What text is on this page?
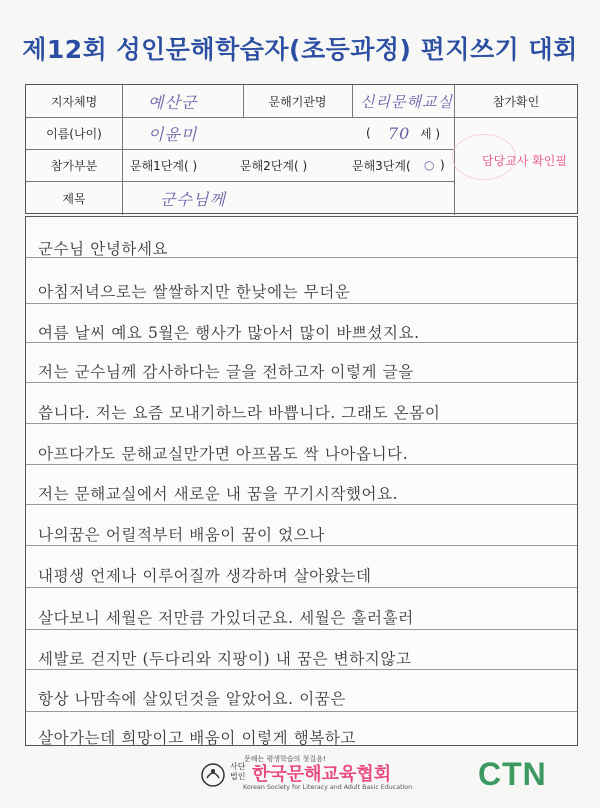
제12회 성인문해학습자(초등과정) 편지쓰기 대회
지자체명	예산군	문해기관명	신리문해교실	참가확인
이름(나이)	이윤미	(	70 세 )
참가부분	문해1단계( )	문해2단계( )	문해3단계(	○ )
제목	군수님께
담당교사 확인필
군수님 안녕하세요
아침저녁으로는 쌀쌀하지만 한낮에는 무더운
여름 날씨 예요 5월은 행사가 많아서 많이 바쁘셨지요.
저는 군수님께 감사하다는 글을 전하고자 이렇게 글을
씁니다. 저는 요즘 모내기하느라 바쁩니다. 그래도 온몸이
아프다가도 문해교실만가면 아프몸도 싹 나아옵니다.
저는 문해교실에서 새로운 내 꿈을 꾸기시작했어요.
나의꿈은 어릴적부터 배움이 꿈이 었으나
내평생 언제나 이루어질까 생각하며 살아왔는데
살다보니 세월은 저만큼 가있더군요. 세월은 훌러훌러
세발로 걷지만 (두다리와 지팡이) 내 꿈은 변하지않고
항상 나맘속에 살있던것을 알았어요. 이꿈은
살아가는데 희망이고 배움이 이렇게 행복하고
문해는 평생학습의 첫걸음!
사단
법인 한국문해교육협회
Korean Society for Literacy and Adult Basic Education CTN
